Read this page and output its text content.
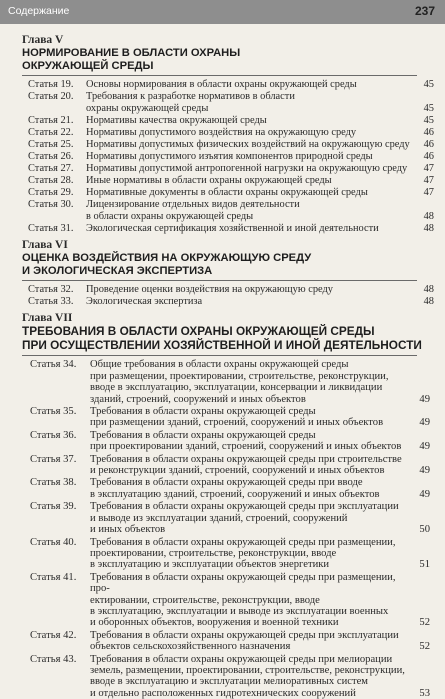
Содержание	237
Глава V
НОРМИРОВАНИЕ В ОБЛАСТИ ОХРАНЫ
ОКРУЖАЮЩЕЙ СРЕДЫ
Статья 19.	Основы нормирования в области охраны окружающей среды	45
Статья 20.	Требования к разработке нормативов в области
охраны окружающей среды	45
Статья 21.	Нормативы качества окружающей среды	45
Статья 22.	Нормативы допустимого воздействия на окружающую среду	46
Статья 25.	Нормативы допустимых физических воздействий на окружающую среду	46
Статья 26.	Нормативы допустимого изъятия компонентов природной среды	46
Статья 27.	Нормативы допустимой антропогенной нагрузки на окружающую среду	47
Статья 28.	Иные нормативы в области охраны окружающей среды	47
Статья 29.	Нормативные документы в области охраны окружающей среды	47
Статья 30.	Лицензирование отдельных видов деятельности
в области охраны окружающей среды	48
Статья 31.	Экологическая сертификация хозяйственной и иной деятельности	48
Глава VI
ОЦЕНКА ВОЗДЕЙСТВИЯ НА ОКРУЖАЮЩУЮ СРЕДУ
И ЭКОЛОГИЧЕСКАЯ ЭКСПЕРТИЗА
Статья 32.	Проведение оценки воздействия на окружающую среду	48
Статья 33.	Экологическая экспертиза	48
Глава VII
ТРЕБОВАНИЯ В ОБЛАСТИ ОХРАНЫ ОКРУЖАЮЩЕЙ СРЕДЫ
ПРИ ОСУЩЕСТВЛЕНИИ ХОЗЯЙСТВЕННОЙ И ИНОЙ ДЕЯТЕЛЬНОСТИ
Статья 34.	Общие требования в области охраны окружающей среды
при размещении, проектировании, строительстве, реконструкции,
вводе в эксплуатацию, эксплуатации, консервации и ликвидации
зданий, строений, сооружений и иных объектов	49
Статья 35.	Требования в области охраны окружающей среды
при размещении зданий, строений, сооружений и иных объектов	49
Статья 36.	Требования в области охраны окружающей среды
при проектировании зданий, строений, сооружений и иных объектов	49
Статья 37.	Требования в области охраны окружающей среды при строительстве
и реконструкции зданий, строений, сооружений и иных объектов	49
Статья 38.	Требования в области охраны окружающей среды при вводе
в эксплуатацию зданий, строений, сооружений и иных объектов	49
Статья 39.	Требования в области охраны окружающей среды при эксплуатации
и выводе из эксплуатации зданий, строений, сооружений
и иных объектов	50
Статья 40.	Требования в области охраны окружающей среды при размещении,
проектировании, строительстве, реконструкции, вводе
в эксплуатацию и эксплуатации объектов энергетики	51
Статья 41.	Требования в области охраны окружающей среды при размещении, про-
ектировании, строительстве, реконструкции, вводе
в эксплуатацию, эксплуатации и выводе из эксплуатации военных
и оборонных объектов, вооружения и военной техники	52
Статья 42.	Требования в области охраны окружающей среды при эксплуатации
объектов сельскохозяйственного назначения	52
Статья 43.	Требования в области охраны окружающей среды при мелиорации
земель, размещении, проектировании, строительстве, реконструкции,
вводе в эксплуатацию и эксплуатации мелиоративных систем
и отдельно расположенных гидротехнических сооружений	53
